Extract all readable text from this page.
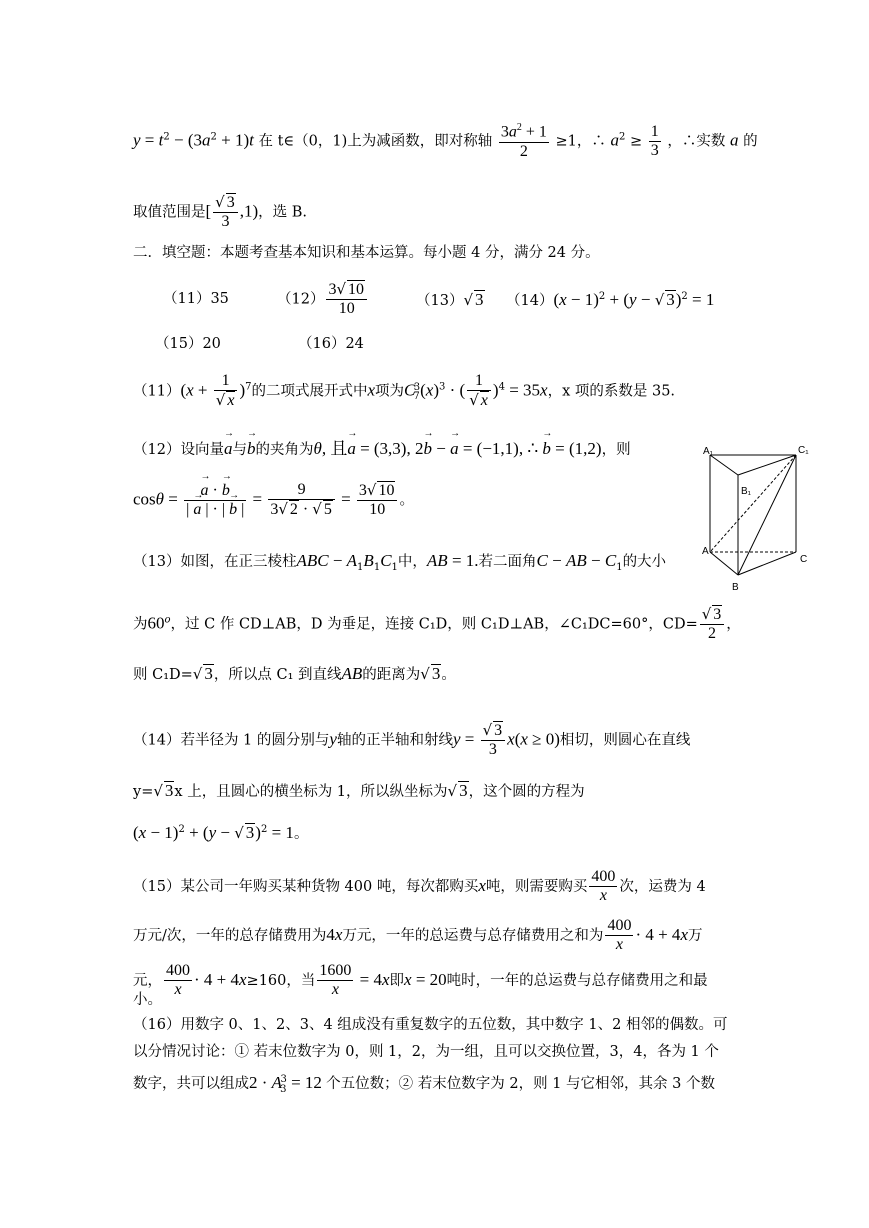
$y = t^2 - (3a^2 + 1)t$ 在 t∈（0，1)上为减函数，即对称轴 $\frac{3a^2 + 1}{2} \ge 1$，∴ $a^2 \ge \frac{1}{3}$ ，∴实数 a 的
取值范围是[ $\frac{√ 3}{3} ,1$)，选 B.
二．填空题：本题考查基本知识和基本运算。每小题 4 分，满分 24 分。
（11）35	$(12) \frac{3√ 10}{10}$	（13）√ 3 $(14)(x - 1)^2 + (y$ − √ 3)$^2$ = 1
（15）20	（16）24
$(11)(x + \frac{1}{√ x} )^7$的二项式展开式中x项为$C_7^3(x)^3$ · ( $\frac{1}{√ x} )^4 = 35x$，x 项的系数是 35.
（12）设向量→ a与→ b的夹角为θ, 且→ a = (3,3), 2→ b − → a = (−1,1), ∴ → b = (1,2)，则
cosθ =
→ $\frac{a \cdot \to b}{| \to a | \cdot | \to b |} = \frac{9}{3√ 2 \cdot √ 5} = \frac{3√ 10}{10}$ 。
（13）如图，在正三棱柱ABC − $A_1B_1C_1$中，AB = 1.若二面角C − AB − $C_1$的大小
为60$^o$，过 C 作 CD⊥AB，D 为垂足，连接 C₁D，则 C₁D⊥AB，∠C₁DC=60°，$CD= \frac{√ 3}{2}$ ，
则 C₁D=√ 3，所以点 C₁ 到直线AB的距离为√ 3。
（14）若半径为 1 的圆分别与y轴的正半轴和射线$y = \frac{√ 3}{3} x(x \ge 0)$相切，则圆心在直线
y=√ 3x 上，且圆心的横坐标为 1，所以纵坐标为√ 3，这个圆的方程为
$(x - 1)^2 + (y$ − √ 3)$^2$ = 1。
（15）某公司一年购买某种货物 400 吨，每次都购买x吨，则需要购买 $\frac{400}{x}$ 次，运费为 4
万元/次，一年的总存储费用为4x万元，一年的总运费与总存储费用之和为 $\frac{400}{x} \cdot 4 + 4x$万
元， $\frac{400}{x} \cdot 4 + 4x\ge 160$，当 $\frac{1600}{x} = 4x$即x = 20吨时，一年的总运费与总存储费用之和最
小。
（16）用数字 0、1、2、3、4 组成没有重复数字的五位数，其中数字 1、2 相邻的偶数。可
以分情况讨论：① 若末位数字为 0，则 1，2，为一组，且可以交换位置，3，4，各为 1 个
数字，共可以组成$2 \cdot A_3^3 = 12$ 个五位数；② 若末位数字为 2，则 1 与它相邻，其余 3 个数
A
C
B
A₁	C₁
B₁
